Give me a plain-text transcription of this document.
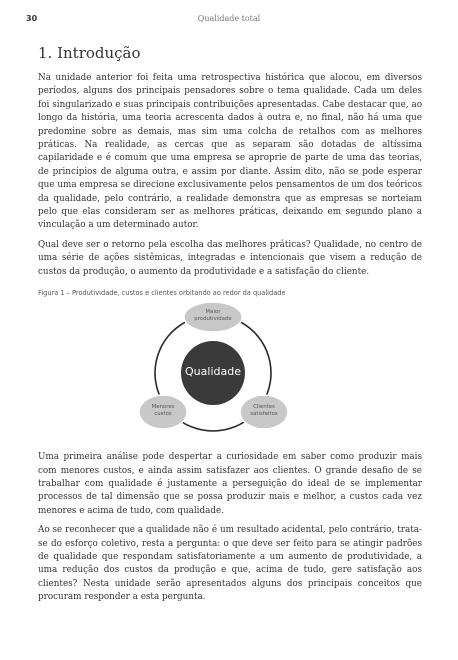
30	Qualidade total
1. Introdução

Na unidade anterior foi feita uma retrospectiva histórica que alocou, em diversos períodos, alguns dos principais pensadores sobre o tema qualidade. Cada um deles foi singularizado e suas principais contribuições apresentadas. Cabe destacar que, ao longo da história, uma teoria acrescenta dados à outra e, no final, não há uma que predomine sobre as demais, mas sim uma colcha de retalhos com as melhores práticas. Na realidade, as cercas que as separam são dotadas de altíssima capilaridade e é comum que uma empresa se aproprie de parte de uma das teorias, de princípios de alguma outra, e assim por diante. Assim dito, não se pode esperar que uma empresa se direcione exclusivamente pelos pensamentos de um dos teóricos da qualidade, pelo contrário, a realidade demonstra que as empresas se norteiam pelo que elas consideram ser as melhores práticas, deixando em segundo plano a vinculação a um determinado autor.

Qual deve ser o retorno pela escolha das melhores práticas? Qualidade, no centro de uma série de ações sistêmicas, integradas e intencionais que visem a redução de custos da produção, o aumento da produtividade e a satisfação do cliente.

Figura 1 – Produtividade, custos e clientes orbitando ao redor da qualidade
Qualidade
Maior
produtividade
Menores
custos
Clientes
satisfeitos

Uma primeira análise pode despertar a curiosidade em saber como produzir mais com menores custos, e ainda assim satisfazer aos clientes. O grande desafio de se trabalhar com qualidade é justamente a perseguição do ideal de se implementar processos de tal dimensão que se possa produzir mais e melhor, a custos cada vez menores e acima de tudo, com qualidade.

Ao se reconhecer que a qualidade não é um resultado acidental, pelo contrário, trata-se do esforço coletivo, resta a pergunta: o que deve ser feito para se atingir padrões de qualidade que respondam satisfatoriamente a um aumento de produtividade, a uma redução dos custos da produção e que, acima de tudo, gere satisfação aos clientes? Nesta unidade serão apresentados alguns dos principais conceitos que procuram responder a esta pergunta.
